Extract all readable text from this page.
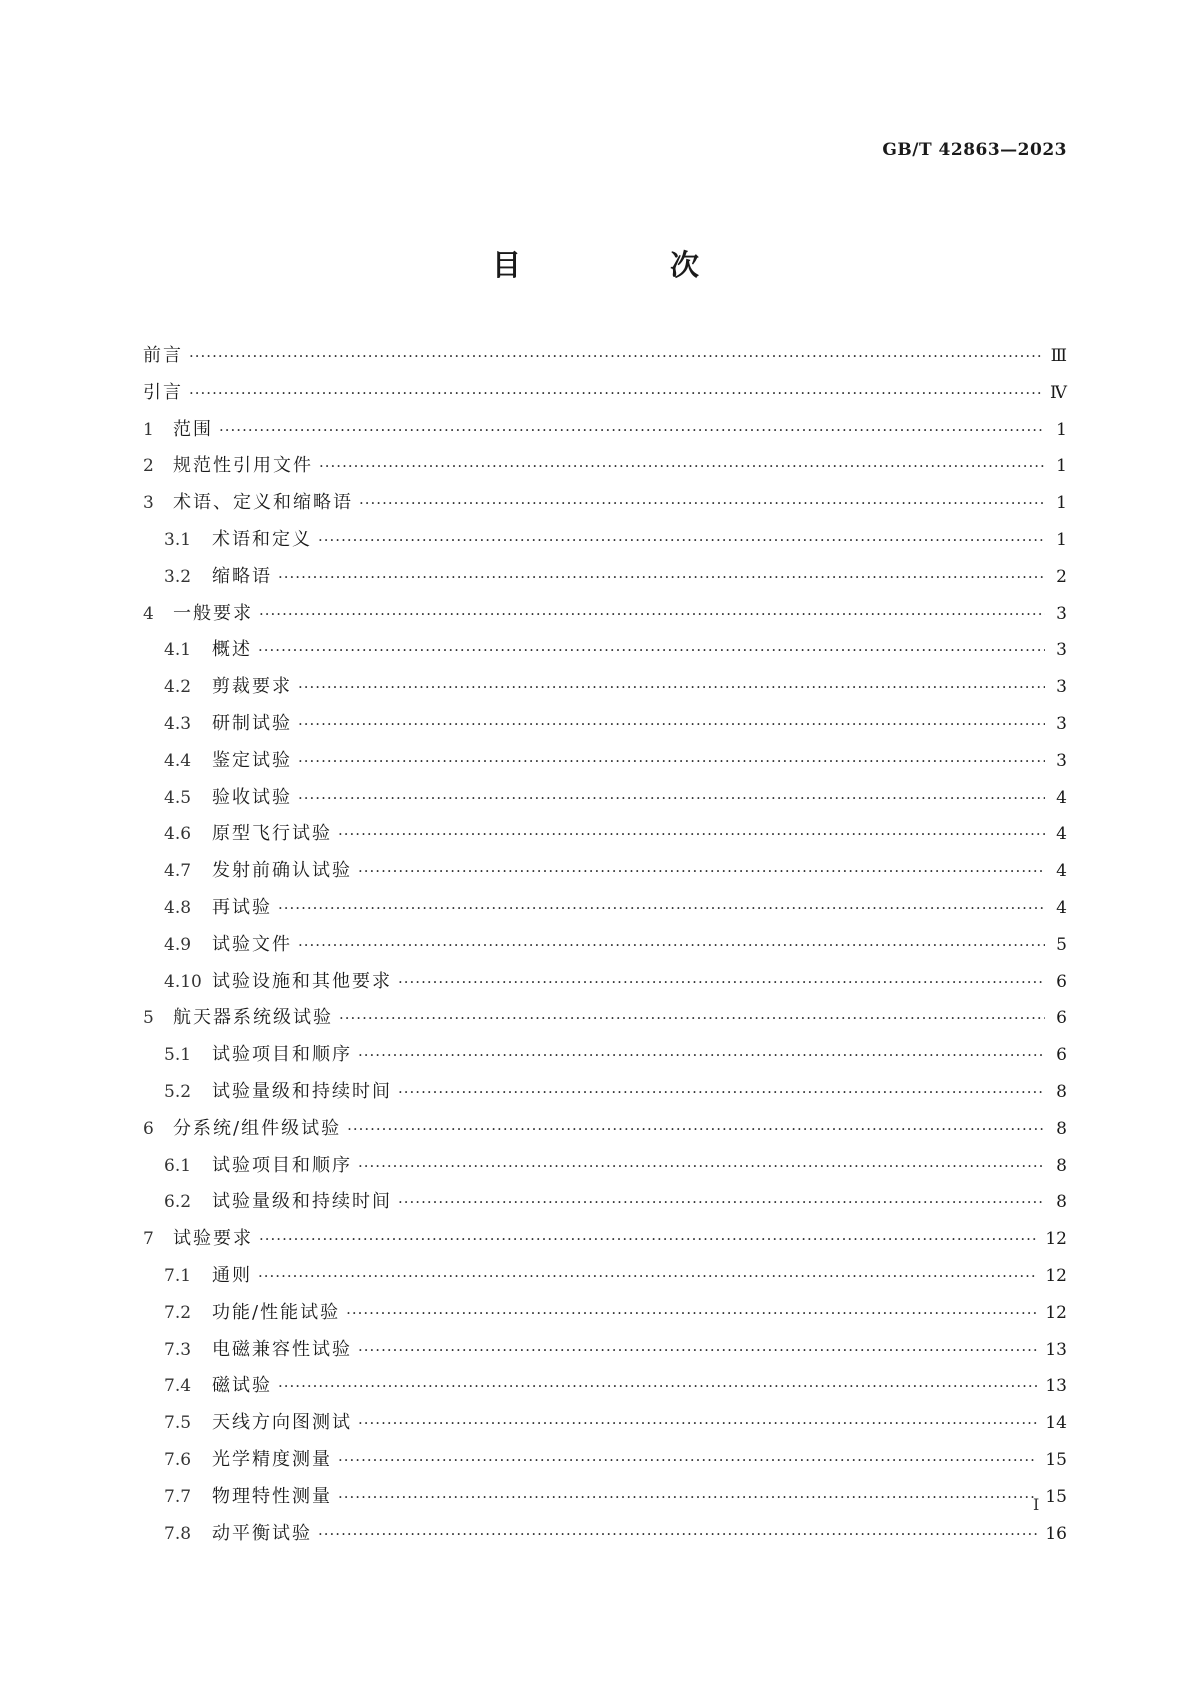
GB/T 42863—2023
目　次
前言 ·····	Ⅲ
引言 ·····	Ⅳ
1	范围 ·····	1
2	规范性引用文件 ·····	1
3	术语、定义和缩略语 ·····	1
3.1	术语和定义 ·····	1
3.2	缩略语 ·····	2
4	一般要求 ·····	3
4.1	概述 ·····	3
4.2	剪裁要求 ·····	3
4.3	研制试验 ·····	3
4.4	鉴定试验 ·····	3
4.5	验收试验 ·····	4
4.6	原型飞行试验 ·····	4
4.7	发射前确认试验 ·····	4
4.8	再试验 ·····	4
4.9	试验文件 ·····	5
4.10 试验设施和其他要求 ·····	6
5	航天器系统级试验 ·····	6
5.1	试验项目和顺序 ·····	6
5.2	试验量级和持续时间 ·····	8
6	分系统/组件级试验 ·····	8
6.1	试验项目和顺序 ·····	8
6.2	试验量级和持续时间 ·····	8
7	试验要求 ·····	12
7.1	通则 ·····	12
7.2	功能/性能试验 ·····	12
7.3	电磁兼容性试验 ·····	13
7.4	磁试验 ·····	13
7.5	天线方向图测试 ·····	14
7.6	光学精度测量 ·····	15
7.7	物理特性测量 ·····	15
7.8	动平衡试验 ·····	16
I
